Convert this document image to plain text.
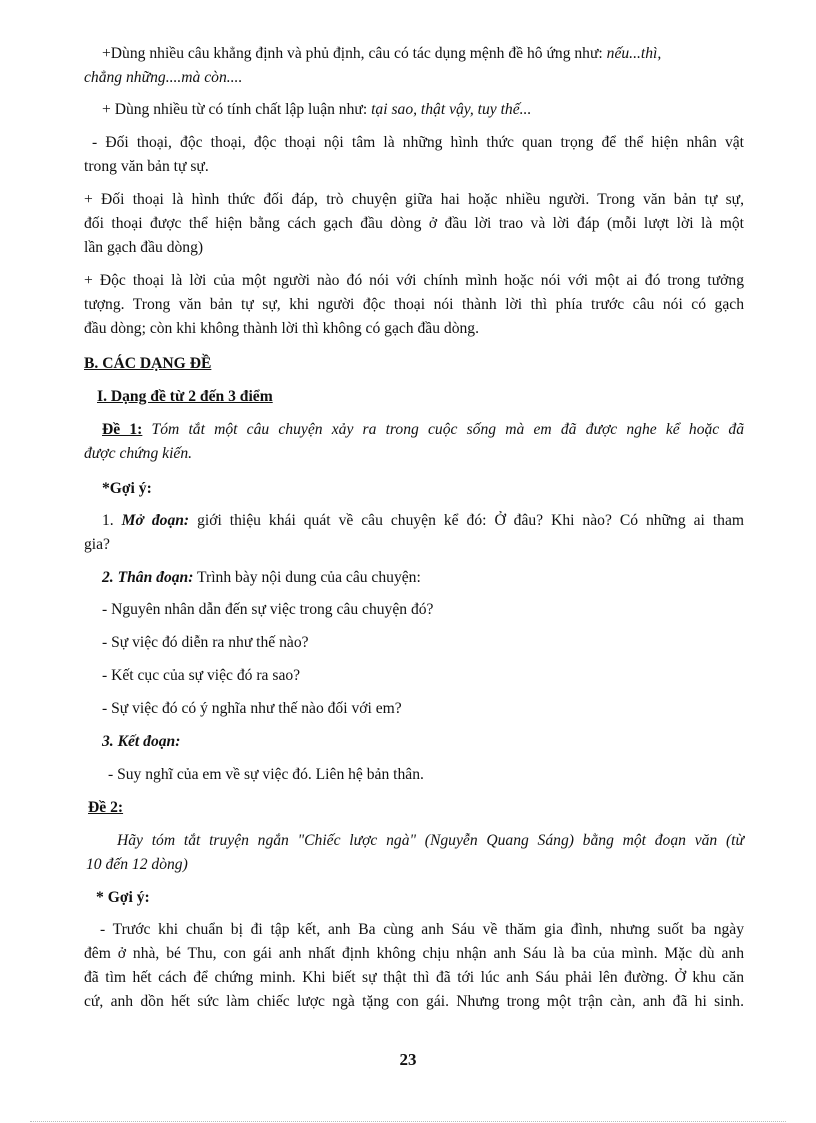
+Dùng nhiều câu khẳng định và phủ định, câu có tác dụng mệnh đề hô ứng như: nếu...thì,
chẳng những....mà còn....
+ Dùng nhiều từ có tính chất lập luận như: tại sao, thật vậy, tuy thế...
- Đối thoại, độc thoại, độc thoại nội tâm là những hình thức quan trọng để thể hiện nhân vật
trong văn bản tự sự.
+ Đối thoại là hình thức đối đáp, trò chuyện giữa hai hoặc nhiều người. Trong văn bản tự sự,
đối thoại được thể hiện bằng cách gạch đầu dòng ở đầu lời trao và lời đáp (mỗi lượt lời là một
lần gạch đầu dòng)
+ Độc thoại là lời của một người nào đó nói với chính mình hoặc nói với một ai đó trong tưởng
tượng. Trong văn bản tự sự, khi người độc thoại nói thành lời thì phía trước câu nói có gạch
đầu dòng; còn khi không thành lời thì không có gạch đầu dòng.
B. CÁC DẠNG ĐỀ
I. Dạng đề từ 2 đến 3 điểm
Đề 1: Tóm tắt một câu chuyện xảy ra trong cuộc sống mà em đã được nghe kể hoặc đã
được chứng kiến.
*Gợi ý:
1. Mở đoạn: giới thiệu khái quát về câu chuyện kể đó: Ở đâu? Khi nào? Có những ai tham
gia?
2. Thân đoạn: Trình bày nội dung của câu chuyện:
- Nguyên nhân dẫn đến sự việc trong câu chuyện đó?
- Sự việc đó diễn ra như thế nào?
- Kết cục của sự việc đó ra sao?
- Sự việc đó có ý nghĩa như thế nào đối với em?
3. Kết đoạn:
- Suy nghĩ của em về sự việc đó. Liên hệ bản thân.
Đề 2:
Hãy tóm tắt truyện ngắn "Chiếc lược ngà" (Nguyễn Quang Sáng) bằng một đoạn văn (từ
10 đến 12 dòng)
* Gợi ý:
- Trước khi chuẩn bị đi tập kết, anh Ba cùng anh Sáu về thăm gia đình, nhưng suốt ba ngày
đêm ở nhà, bé Thu, con gái anh nhất định không chịu nhận anh Sáu là ba của mình. Mặc dù anh
đã tìm hết cách để chứng minh. Khi biết sự thật thì đã tới lúc anh Sáu phải lên đường. Ở khu căn
cứ, anh dồn hết sức làm chiếc lược ngà tặng con gái. Nhưng trong một trận càn, anh đã hi sinh.
23
